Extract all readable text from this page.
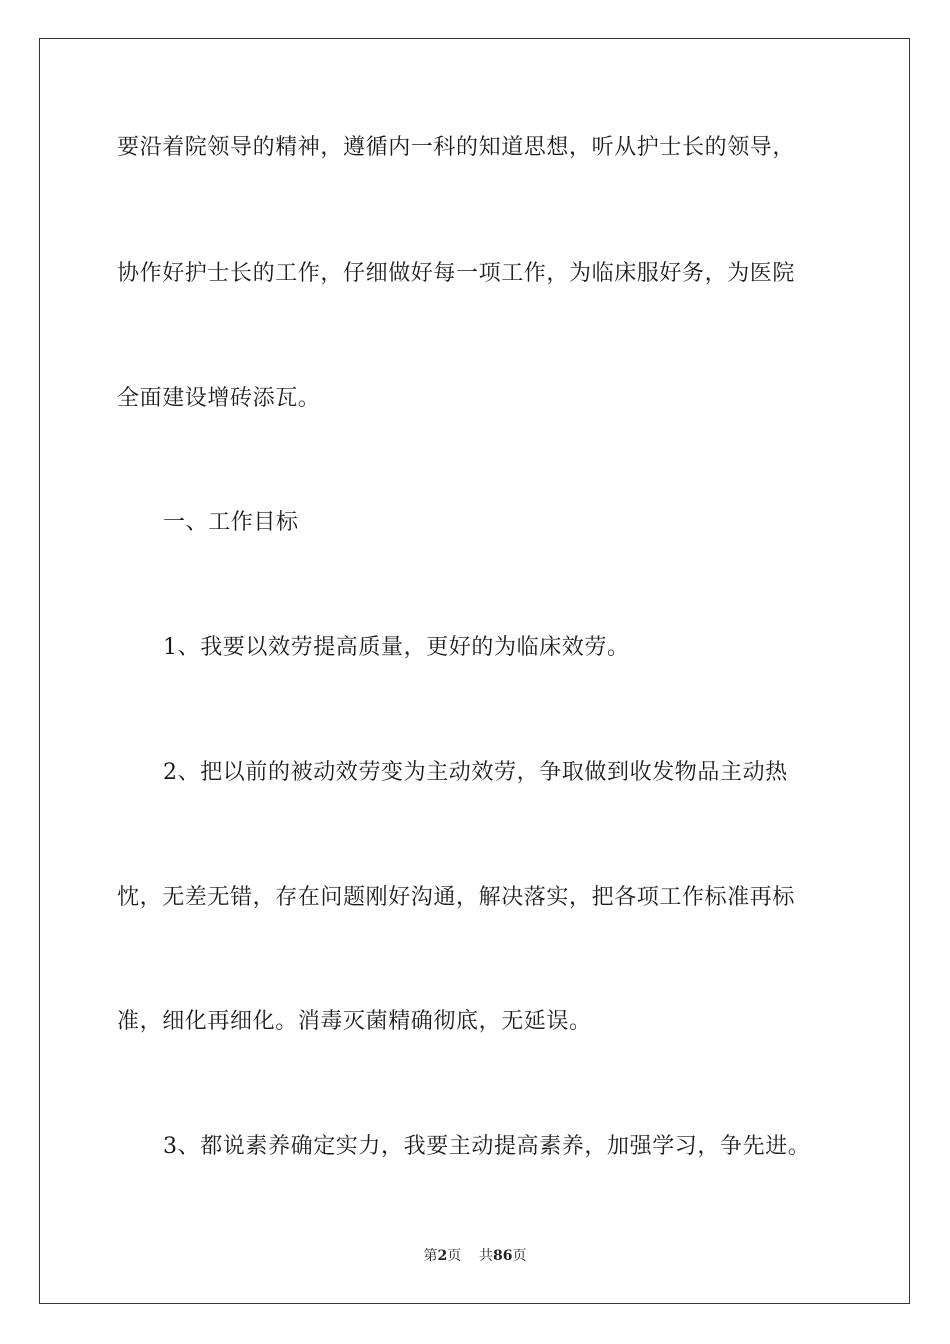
要沿着院领导的精神，遵循内一科的知道思想，听从护士长的领导，
协作好护士长的工作，仔细做好每一项工作，为临床服好务，为医院
全面建设增砖添瓦。
一、工作目标
1、我要以效劳提高质量，更好的为临床效劳。
2、把以前的被动效劳变为主动效劳，争取做到收发物品主动热
忱，无差无错，存在问题刚好沟通，解决落实，把各项工作标准再标
准，细化再细化。消毒灭菌精确彻底，无延误。
3、都说素养确定实力，我要主动提高素养，加强学习，争先进。
第2页 共86页
